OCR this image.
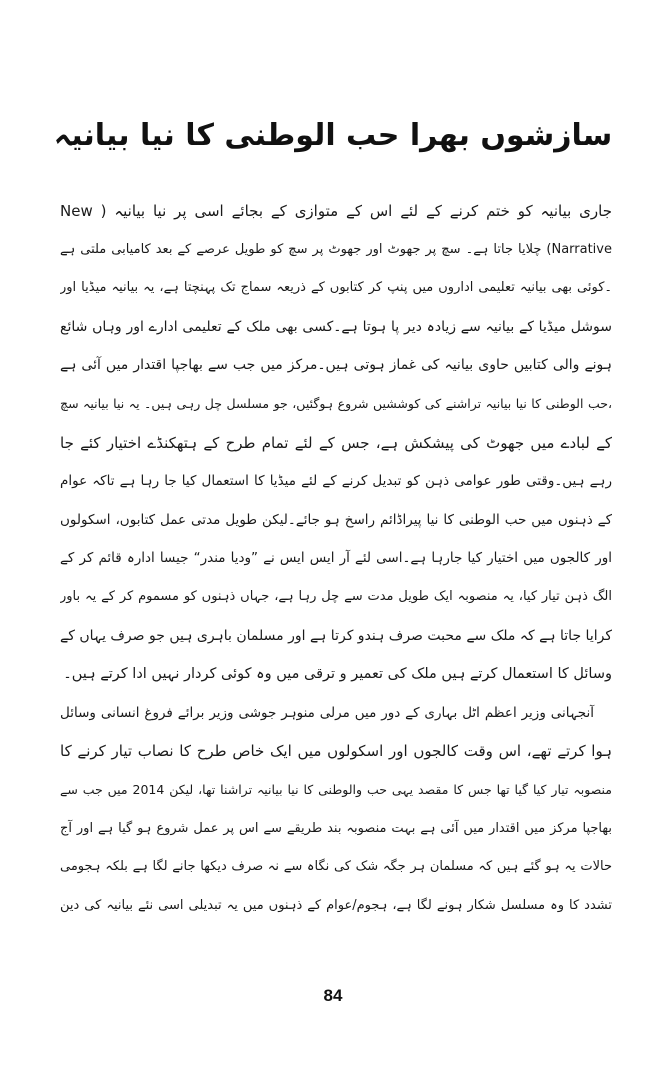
سازشوں بھرا حب الوطنی کا نیا بیانیہ
جاری بیانیہ کو ختم کرنے کے لئے اس کے متوازی کے بجائے اسی پر نیا بیانیہ ( New
Narrative) چلایا جاتا ہے۔ سچ پر جھوٹ اور جھوٹ پر سچ کو طویل عرصے کے بعد کامیابی ملتی ہے
۔کوئی بھی بیانیہ تعلیمی اداروں میں پنپ کر کتابوں کے ذریعہ سماج تک پہنچتا ہے، یہ بیانیہ میڈیا اور
سوشل میڈیا کے بیانیہ سے زیادہ دیر پا ہوتا ہے۔کسی بھی ملک کے تعلیمی ادارے اور وہاں شائع
ہونے والی کتابیں حاوی بیانیہ کی غماز ہوتی ہیں۔مرکز میں جب سے بھاجپا اقتدار میں آئی ہے
،حب الوطنی کا نیا بیانیہ تراشنے کی کوششیں شروع ہوگئیں، جو مسلسل چل رہی ہیں۔ یہ نیا بیانیہ سچ
کے لبادے میں جھوٹ کی پیشکش ہے، جس کے لئے تمام طرح کے ہتھکنڈے اختیار کئے جا
رہے ہیں۔وقتی طور عوامی ذہن کو تبدیل کرنے کے لئے میڈیا کا استعمال کیا جا رہا ہے تاکہ عوام
کے ذہنوں میں حب الوطنی کا نیا پیراڈائم راسخ ہو جائے۔لیکن طویل مدتی عمل کتابوں، اسکولوں
اور کالجوں میں اختیار کیا جارہا ہے۔اسی لئے آر ایس ایس نے ”ودیا مندر“ جیسا ادارہ قائم کر کے
الگ ذہن تیار کیا، یہ منصوبہ ایک طویل مدت سے چل رہا ہے، جہاں ذہنوں کو مسموم کر کے یہ باور
کرایا جاتا ہے کہ ملک سے محبت صرف ہندو کرتا ہے اور مسلمان باہری ہیں جو صرف یہاں کے
وسائل کا استعمال کرتے ہیں ملک کی تعمیر و ترقی میں وہ کوئی کردار نہیں ادا کرتے ہیں۔
آنجہانی وزیر اعظم اٹل بہاری کے دور میں مرلی منوہر جوشی وزیر برائے فروغ انسانی وسائل
ہوا کرتے تھے، اس وقت کالجوں اور اسکولوں میں ایک خاص طرح کا نصاب تیار کرنے کا
منصوبہ تیار کیا گیا تھا جس کا مقصد یہی حب والوطنی کا نیا بیانیہ تراشنا تھا، لیکن 2014 میں جب سے
بھاجپا مرکز میں اقتدار میں آئی ہے بہت منصوبہ بند طریقے سے اس پر عمل شروع ہو گیا ہے اور آج
حالات یہ ہو گئے ہیں کہ مسلمان ہر جگہ شک کی نگاہ سے نہ صرف دیکھا جانے لگا ہے بلکہ ہجومی
تشدد کا وہ مسلسل شکار ہونے لگا ہے، ہجوم/عوام کے ذہنوں میں یہ تبدیلی اسی نئے بیانیہ کی دین
84
